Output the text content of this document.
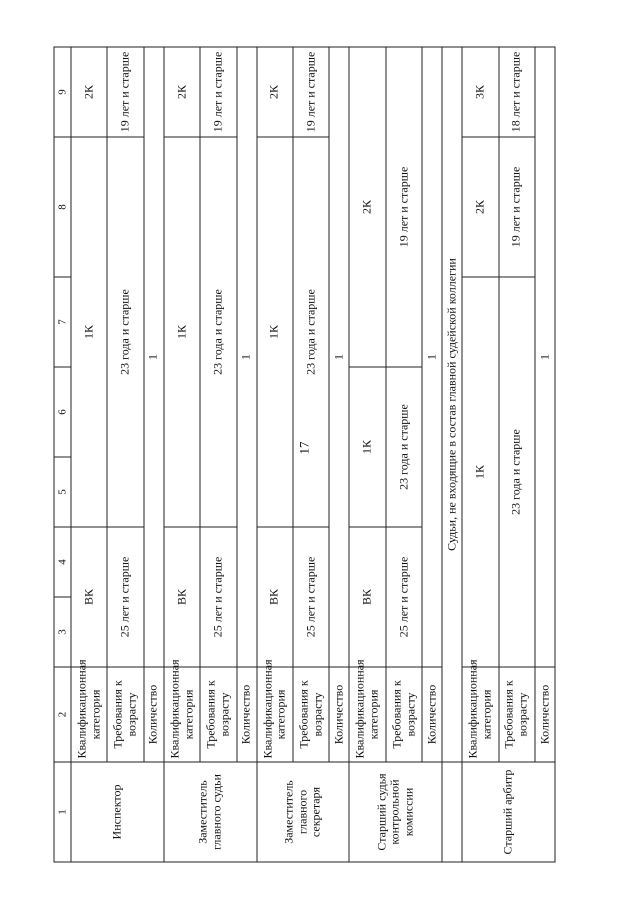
17
1	2	3	4	5	6	7	8	9
Инспектор	Квалификационная категория	ВК		1К				2К
	Требования к возрасту	25 лет и старше		23 года и старше				19 лет и старше
	Количество	1						
Заместитель главного судьи	Квалификационная категория	ВК		1К				2К
	Требования к возрасту	25 лет и старше		23 года и старше				19 лет и старше
	Количество	1						
Заместитель главного секретаря	Квалификационная категория	ВК		1К				2К
	Требования к возрасту	25 лет и старше		23 года и старше				19 лет и старше
	Количество	1						
Старший судья контрольной комиссии	Квалификационная категория	ВК		1К		2К		
	Требования к возрасту	25 лет и старше		23 года и старше		19 лет и старше		
	Количество	1						
	Судьи, не входящие в состав главной судейской коллегии							
Старший арбитр	Квалификационная категория	1К					2К	3К
	Требования к возрасту	23 года и старше					19 лет и старше	18 лет и старше
	Количество	1						
